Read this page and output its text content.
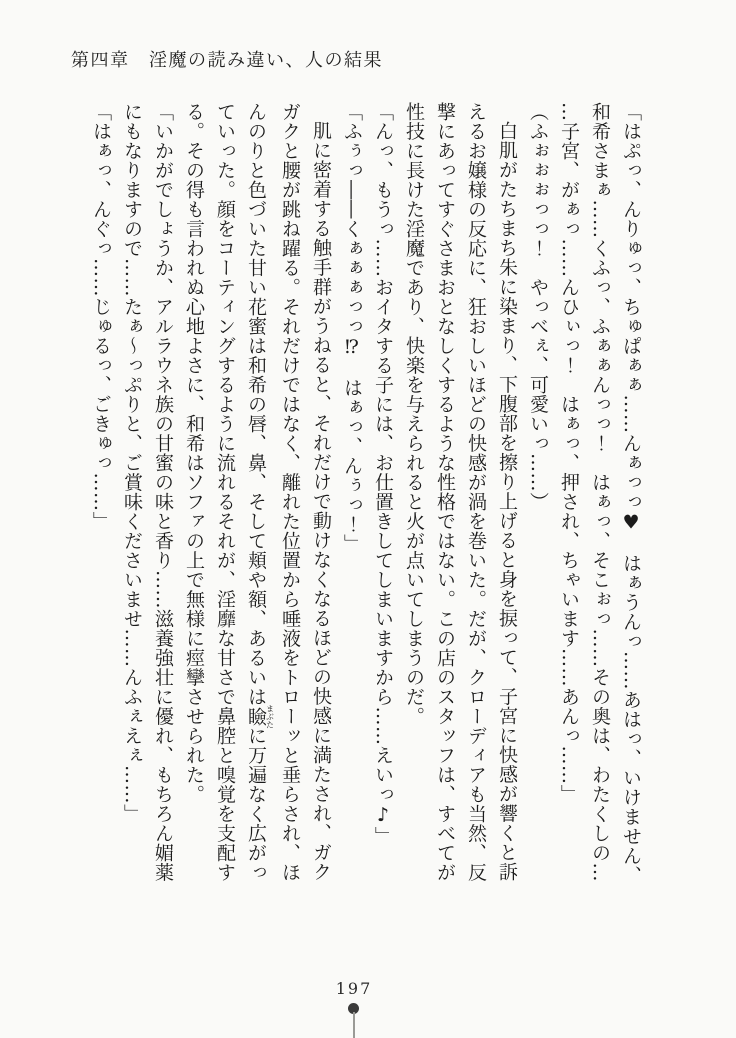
第四章　淫魔の読み違い、人の結果

「はぷっ、んりゅっ、ちゅぱぁぁ……んぁっっ♥　はぁうんっ……あはっ、いけません、

和希さまぁ……くふっ、ふぁぁんっっ！　はぁっ、そこぉっ……その奥は、わたくしの…

…子宮、がぁっ……んひぃっ！　はぁっ、押され、ちゃいます……あんっ……」

（ふぉぉぉっっ！　やっべぇ、可愛いっ……）

白肌がたちまち朱に染まり、下腹部を擦り上げると身を捩って、子宮に快感が響くと訴

えるお嬢様の反応に、狂おしいほどの快感が渦を巻いた。だが、クローディアも当然、反

撃にあってすぐさまおとなしくするような性格ではない。この店のスタッフは、すべてが

性技に長けた淫魔であり、快楽を与えられると火が点いてしまうのだ。

「んっ、もうっ……おイタする子には、お仕置きしてしまいますから……えいっ♪」

「ふぅっ――くぁぁぁっっ⁉　はぁっ、んぅっ！」

肌に密着する触手群がうねると、それだけで動けなくなるほどの快感に満たされ、ガク

ガクと腰が跳ね躍る。それだけではなく、離れた位置から唾液をトローッと垂らされ、ほ

んのりと色づいた甘い花蜜は和希の唇、鼻、そして頬や額、あるいは瞼まぶたに万遍なく広がっ

ていった。顔をコーティングするように流れるそれが、淫靡な甘さで鼻腔と嗅覚を支配す

る。その得も言われぬ心地よさに、和希はソファの上で無様に痙攣させられた。

「いかがでしょうか、アルラウネ族の甘蜜の味と香り……滋養強壮に優れ、もちろん媚薬

にもなりますので……たぁ～っぷりと、ご賞味くださいませ……んふぇえぇ……」

「はぁっ、んぐっ……じゅるっ、ごきゅっ……」

197
